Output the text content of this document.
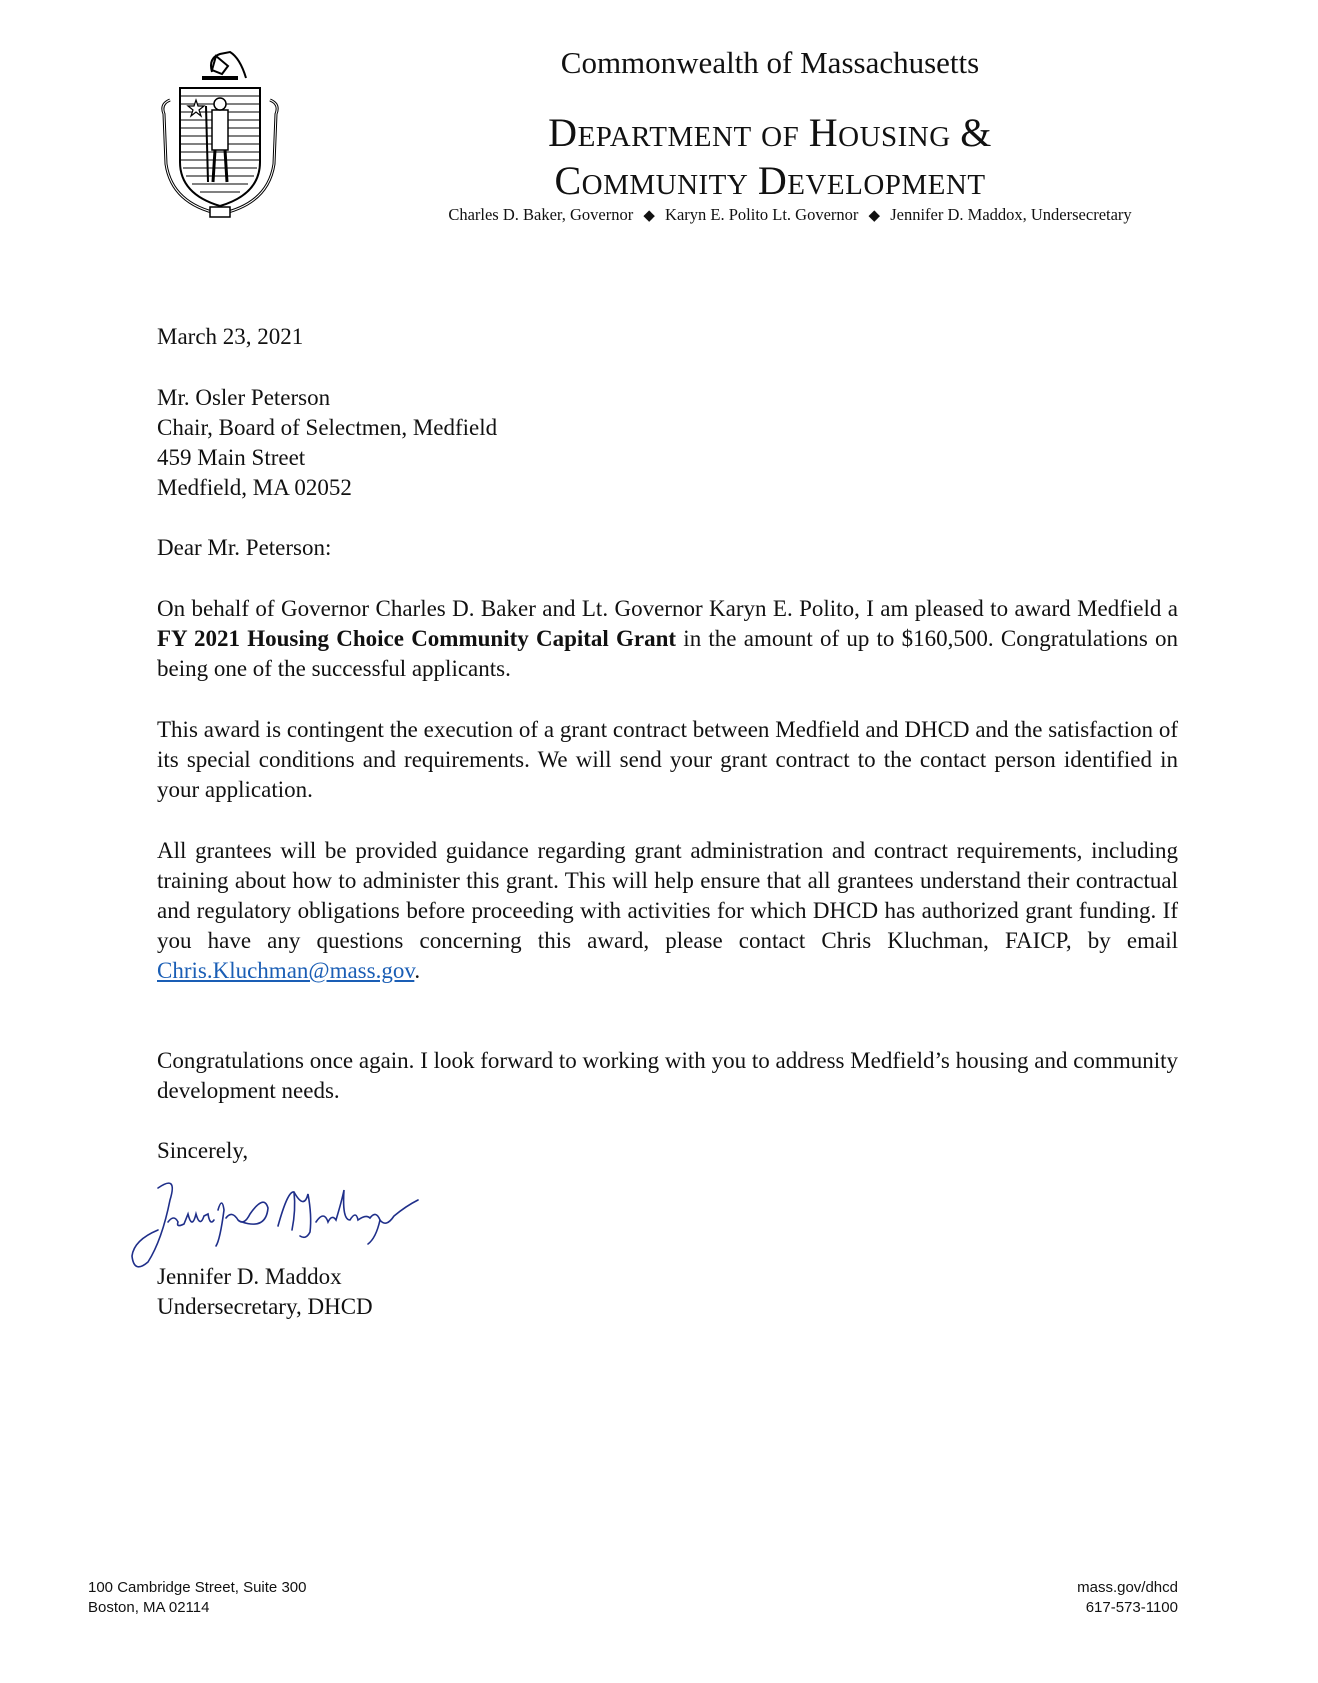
Commonwealth of Massachusetts
DEPARTMENT OF HOUSING &
COMMUNITY DEVELOPMENT
Charles D. Baker, Governor ◆ Karyn E. Polito Lt. Governor ◆ Jennifer D. Maddox, Undersecretary
March 23, 2021
Mr. Osler Peterson
Chair, Board of Selectmen, Medfield
459 Main Street
Medfield, MA 02052
Dear Mr. Peterson:
On behalf of Governor Charles D. Baker and Lt. Governor Karyn E. Polito, I am pleased to award Medfield a FY 2021 Housing Choice Community Capital Grant in the amount of up to $160,500. Congratulations on being one of the successful applicants.
This award is contingent the execution of a grant contract between Medfield and DHCD and the satisfaction of its special conditions and requirements. We will send your grant contract to the contact person identified in your application.
All grantees will be provided guidance regarding grant administration and contract requirements, including training about how to administer this grant. This will help ensure that all grantees understand their contractual and regulatory obligations before proceeding with activities for which DHCD has authorized grant funding. If you have any questions concerning this award, please contact Chris Kluchman, FAICP, by email Chris.Kluchman@mass.gov.
Congratulations once again. I look forward to working with you to address Medfield’s housing and community development needs.
Sincerely,
Jennifer D. Maddox
Undersecretary, DHCD
100 Cambridge Street, Suite 300
Boston, MA 02114
mass.gov/dhcd
617-573-1100
